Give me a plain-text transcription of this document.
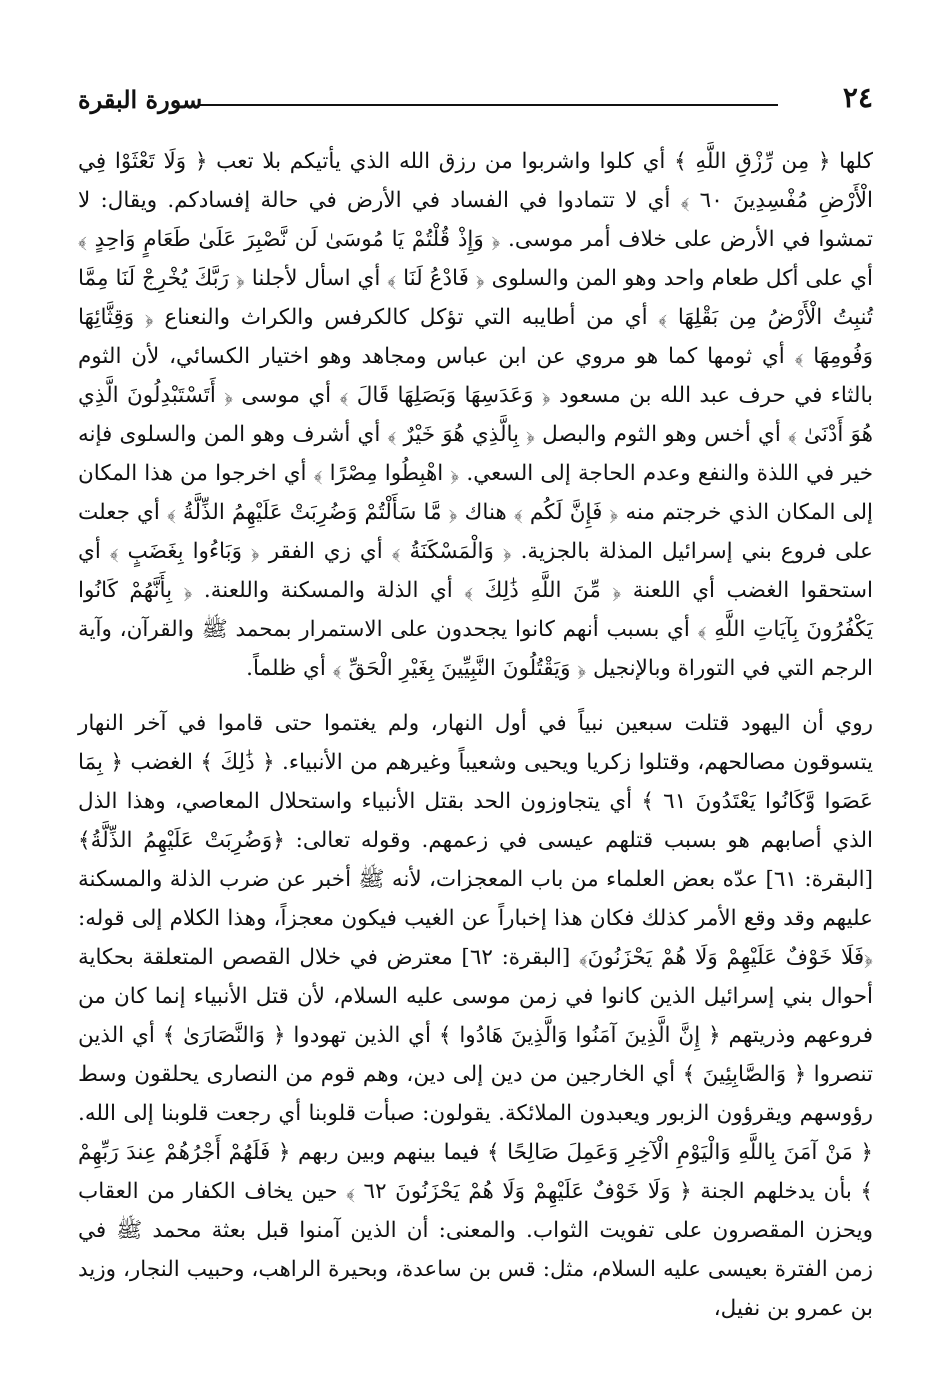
٢٤
سورة البقرة

كلها ﴿ مِن رِّزْقِ اللَّهِ ﴾ أي كلوا واشربوا من رزق الله الذي يأتيكم بلا تعب ﴿ وَلَا تَعْثَوْا فِي الْأَرْضِ مُفْسِدِينَ ٦٠ ﴾ أي لا تتمادوا في الفساد في الأرض في حالة إفسادكم. ويقال: لا تمشوا في الأرض على خلاف أمر موسى. ﴿ وَإِذْ قُلْتُمْ يَا مُوسَىٰ لَن نَّصْبِرَ عَلَىٰ طَعَامٍ وَاحِدٍ ﴾ أي على أكل طعام واحد وهو المن والسلوى ﴿ فَادْعُ لَنَا ﴾ أي اسأل لأجلنا ﴿ رَبَّكَ يُخْرِجْ لَنَا مِمَّا تُنبِتُ الْأَرْضُ مِن بَقْلِهَا ﴾ أي من أطايبه التي تؤكل كالكرفس والكراث والنعناع ﴿ وَقِثَّائِهَا وَفُومِهَا ﴾ أي ثومها كما هو مروي عن ابن عباس ومجاهد وهو اختيار الكسائي، لأن الثوم بالثاء في حرف عبد الله بن مسعود ﴿ وَعَدَسِهَا وَبَصَلِهَا قَالَ ﴾ أي موسى ﴿ أَتَسْتَبْدِلُونَ الَّذِي هُوَ أَدْنَىٰ ﴾ أي أخس وهو الثوم والبصل ﴿ بِالَّذِي هُوَ خَيْرٌ ﴾ أي أشرف وهو المن والسلوى فإنه خير في اللذة والنفع وعدم الحاجة إلى السعي. ﴿ اهْبِطُوا مِصْرًا ﴾ أي اخرجوا من هذا المكان إلى المكان الذي خرجتم منه ﴿ فَإِنَّ لَكُم ﴾ هناك ﴿ مَّا سَأَلْتُمْ وَضُرِبَتْ عَلَيْهِمُ الذِّلَّةُ ﴾ أي جعلت على فروع بني إسرائيل المذلة بالجزية. ﴿ وَالْمَسْكَنَةُ ﴾ أي زي الفقر ﴿ وَبَاءُوا بِغَضَبٍ ﴾ أي استحقوا الغضب أي اللعنة ﴿ مِّنَ اللَّهِ ذَٰلِكَ ﴾ أي الذلة والمسكنة واللعنة. ﴿ بِأَنَّهُمْ كَانُوا يَكْفُرُونَ بِآيَاتِ اللَّهِ ﴾ أي بسبب أنهم كانوا يجحدون على الاستمرار بمحمد ﷺ والقرآن، وآية الرجم التي في التوراة وبالإنجيل ﴿ وَيَقْتُلُونَ النَّبِيِّينَ بِغَيْرِ الْحَقِّ ﴾ أي ظلماً.

روي أن اليهود قتلت سبعين نبياً في أول النهار، ولم يغتموا حتى قاموا في آخر النهار يتسوقون مصالحهم، وقتلوا زكريا ويحيى وشعيباً وغيرهم من الأنبياء. ﴿ ذَٰلِكَ ﴾ الغضب ﴿ بِمَا عَصَوا وَّكَانُوا يَعْتَدُونَ ٦١ ﴾ أي يتجاوزون الحد بقتل الأنبياء واستحلال المعاصي، وهذا الذل الذي أصابهم هو بسبب قتلهم عيسى في زعمهم. وقوله تعالى: ﴿وَضُرِبَتْ عَلَيْهِمُ الذِّلَّةُ﴾ [البقرة: ٦١] عدّه بعض العلماء من باب المعجزات، لأنه ﷺ أخبر عن ضرب الذلة والمسكنة عليهم وقد وقع الأمر كذلك فكان هذا إخباراً عن الغيب فيكون معجزاً، وهذا الكلام إلى قوله: ﴿فَلَا خَوْفٌ عَلَيْهِمْ وَلَا هُمْ يَحْزَنُونَ﴾ [البقرة: ٦٢] معترض في خلال القصص المتعلقة بحكاية أحوال بني إسرائيل الذين كانوا في زمن موسى عليه السلام، لأن قتل الأنبياء إنما كان من فروعهم وذريتهم ﴿ إِنَّ الَّذِينَ آمَنُوا وَالَّذِينَ هَادُوا ﴾ أي الذين تهودوا ﴿ وَالنَّصَارَىٰ ﴾ أي الذين تنصروا ﴿ وَالصَّابِئِينَ ﴾ أي الخارجين من دين إلى دين، وهم قوم من النصارى يحلقون وسط رؤوسهم ويقرؤون الزبور ويعبدون الملائكة. يقولون: صبأت قلوبنا أي رجعت قلوبنا إلى الله. ﴿ مَنْ آمَنَ بِاللَّهِ وَالْيَوْمِ الْآخِرِ وَعَمِلَ صَالِحًا ﴾ فيما بينهم وبين ربهم ﴿ فَلَهُمْ أَجْرُهُمْ عِندَ رَبِّهِمْ ﴾ بأن يدخلهم الجنة ﴿ وَلَا خَوْفٌ عَلَيْهِمْ وَلَا هُمْ يَحْزَنُونَ ٦٢ ﴾ حين يخاف الكفار من العقاب ويحزن المقصرون على تفويت الثواب. والمعنى: أن الذين آمنوا قبل بعثة محمد ﷺ في زمن الفترة بعيسى عليه السلام، مثل: قس بن ساعدة، وبحيرة الراهب، وحبيب النجار، وزيد بن عمرو بن نفيل،
